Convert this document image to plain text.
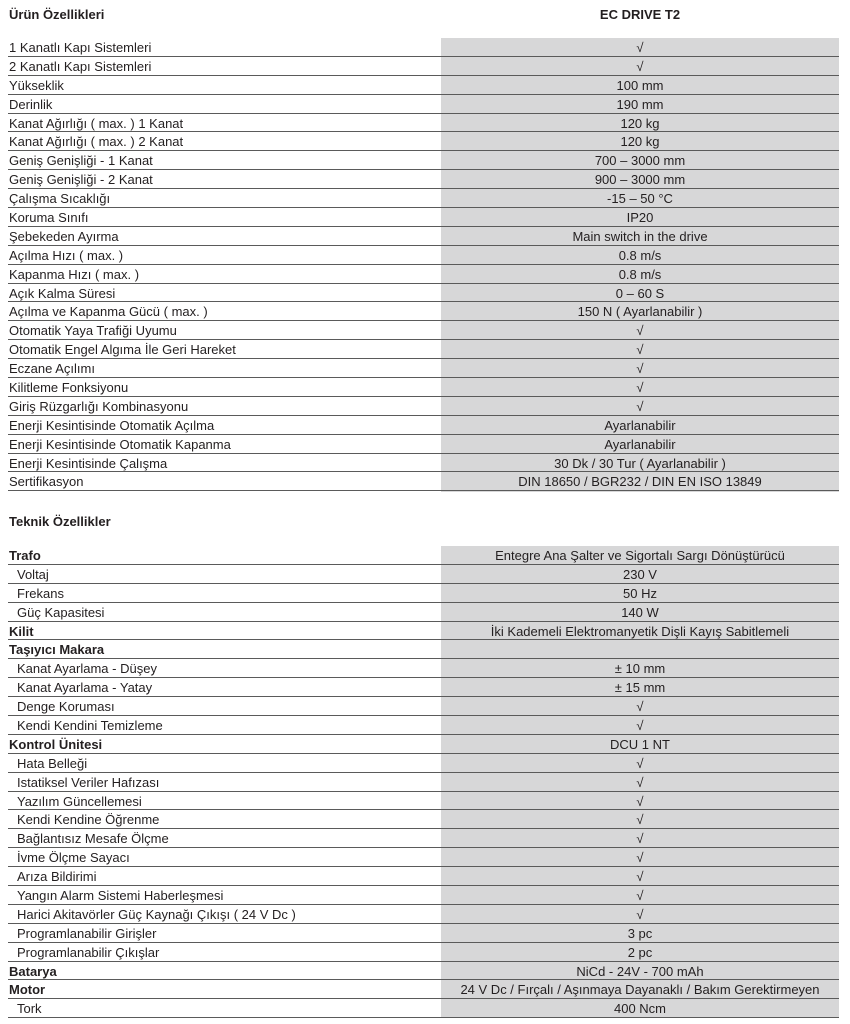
Ürün Özellikleri	EC DRIVE T2
1 Kanatlı Kapı Sistemleri	√
2 Kanatlı Kapı Sistemleri	√
Yükseklik	100 mm
Derinlik	190 mm
Kanat Ağırlığı ( max. ) 1 Kanat	120 kg
Kanat Ağırlığı ( max. ) 2 Kanat	120 kg
Geniş Genişliği - 1 Kanat	700 – 3000 mm
Geniş Genişliği - 2 Kanat	900 – 3000 mm
Çalışma Sıcaklığı	-15 – 50 °C
Koruma Sınıfı	IP20
Şebekeden Ayırma	Main switch in the drive
Açılma Hızı ( max. )	0.8 m/s
Kapanma Hızı ( max. )	0.8 m/s
Açık Kalma Süresi	0 – 60 S
Açılma ve Kapanma Gücü ( max. )	150 N ( Ayarlanabilir )
Otomatik Yaya Trafiği Uyumu	√
Otomatik Engel Algıma İle Geri Hareket	√
Eczane Açılımı	√
Kilitleme Fonksiyonu	√
Giriş Rüzgarlığı Kombinasyonu	√
Enerji Kesintisinde Otomatik Açılma	Ayarlanabilir
Enerji Kesintisinde Otomatik Kapanma	Ayarlanabilir
Enerji Kesintisinde Çalışma	30 Dk / 30 Tur ( Ayarlanabilir )
Sertifikasyon	DIN 18650 / BGR232 / DIN EN ISO 13849
Teknik Özellikler
Trafo	Entegre Ana Şalter ve Sigortalı Sargı Dönüştürücü
Voltaj	230 V
Frekans	50 Hz
Güç Kapasitesi	140 W
Kilit	İki Kademeli Elektromanyetik Dişli Kayış Sabitlemeli
Taşıyıcı Makara
Kanat Ayarlama - Düşey	± 10 mm
Kanat Ayarlama - Yatay	± 15 mm
Denge Koruması	√
Kendi Kendini Temizleme	√
Kontrol Ünitesi	DCU 1 NT
Hata Belleği	√
Istatiksel Veriler Hafızası	√
Yazılım Güncellemesi	√
Kendi Kendine Öğrenme	√
Bağlantısız Mesafe Ölçme	√
İvme Ölçme Sayacı	√
Arıza Bildirimi	√
Yangın Alarm Sistemi Haberleşmesi	√
Harici Akitavörler Güç Kaynağı Çıkışı ( 24 V Dc )	√
Programlanabilir Girişler	3 pc
Programlanabilir Çıkışlar	2 pc
Batarya	NiCd - 24V - 700 mAh
Motor	24 V Dc / Fırçalı / Aşınmaya Dayanaklı / Bakım Gerektirmeyen
Tork	400 Ncm
